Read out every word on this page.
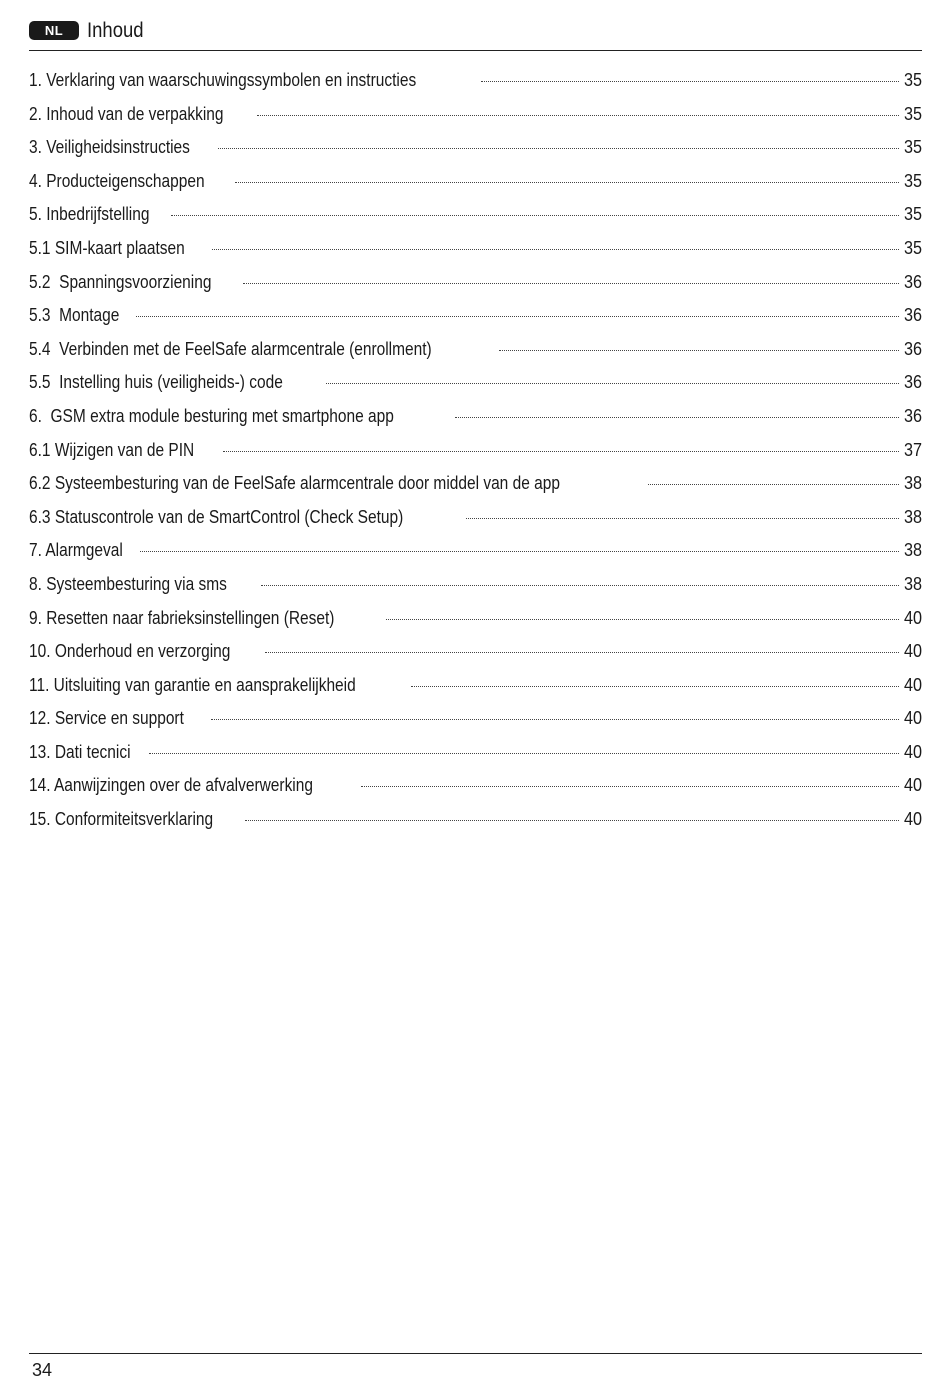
NL	Inhoud
1. Verklaring van waarschuwingssymbolen en instructies	35
2. Inhoud van de verpakking	35
3. Veiligheidsinstructies	35
4. Producteigenschappen	35
5. Inbedrijfstelling	35
5.1 SIM-kaart plaatsen	35
5.2  Spanningsvoorziening	36
5.3  Montage	36
5.4  Verbinden met de FeelSafe alarmcentrale (enrollment)	36
5.5  Instelling huis (veiligheids-) code	36
6.  GSM extra module besturing met smartphone app	36
6.1 Wijzigen van de PIN	37
6.2 Systeembesturing van de FeelSafe alarmcentrale door middel van de app	38
6.3 Statuscontrole van de SmartControl (Check Setup)	38
7. Alarmgeval	38
8. Systeembesturing via sms	38
9. Resetten naar fabrieksinstellingen (Reset)	40
10. Onderhoud en verzorging	40
11. Uitsluiting van garantie en aansprakelijkheid	40
12. Service en support	40
13. Dati tecnici	40
14. Aanwijzingen over de afvalverwerking	40
15. Conformiteitsverklaring	40
34
